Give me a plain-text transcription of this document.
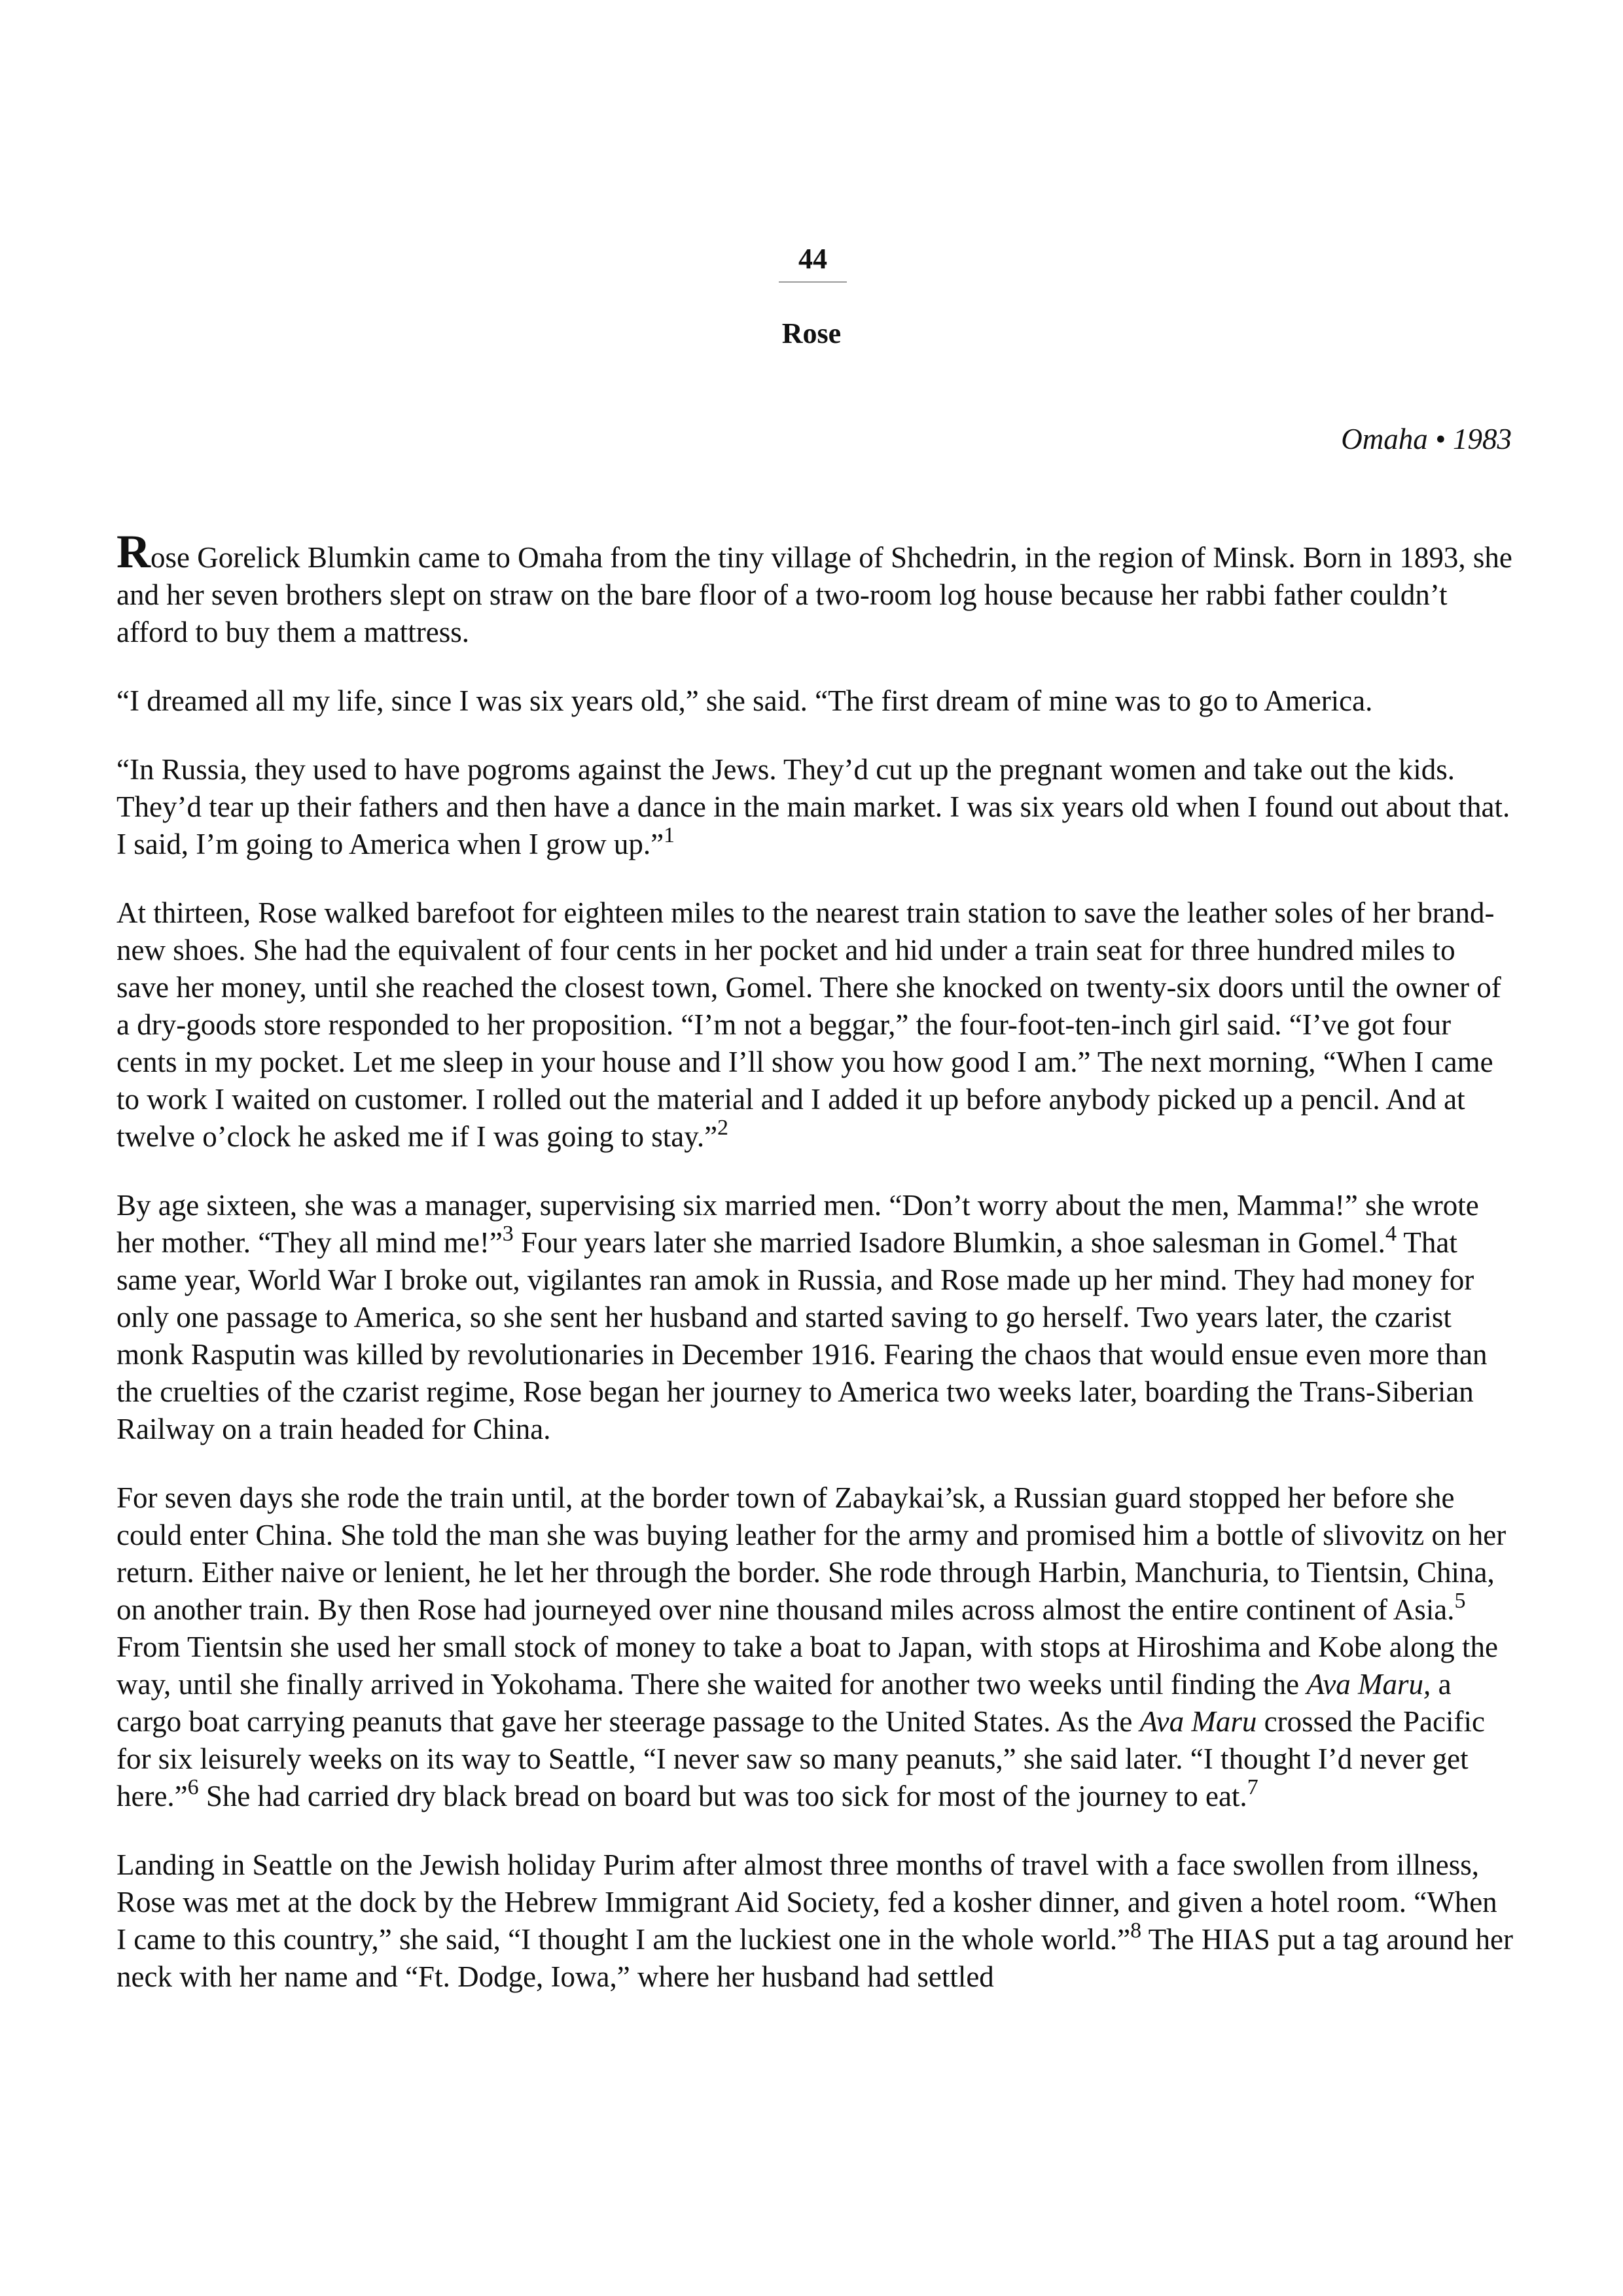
44
Rose
Omaha • 1983

Rose Gorelick Blumkin came to Omaha from the tiny village of Shchedrin, in the region of Minsk. Born in 1893, she and her seven brothers slept on straw on the bare floor of a two-room log house because her rabbi father couldn’t afford to buy them a mattress.

“I dreamed all my life, since I was six years old,” she said. “The first dream of mine was to go to America.

“In Russia, they used to have pogroms against the Jews. They’d cut up the pregnant women and take out the kids. They’d tear up their fathers and then have a dance in the main market. I was six years old when I found out about that. I said, I’m going to America when I grow up.”$^1$

At thirteen, Rose walked barefoot for eighteen miles to the nearest train station to save the leather soles of her brand-new shoes. She had the equivalent of four cents in her pocket and hid under a train seat for three hundred miles to save her money, until she reached the closest town, Gomel. There she knocked on twenty-six doors until the owner of a dry-goods store responded to her proposition. “I’m not a beggar,” the four-foot-ten-inch girl said. “I’ve got four cents in my pocket. Let me sleep in your house and I’ll show you how good I am.” The next morning, “When I came to work I waited on customer. I rolled out the material and I added it up before anybody picked up a pencil. And at twelve o’clock he asked me if I was going to stay.”$^2$

By age sixteen, she was a manager, supervising six married men. “Don’t worry about the men, Mamma!” she wrote her mother. “They all mind me!”$^3$ Four years later she married Isadore Blumkin, a shoe salesman in Gomel.$^4$ That same year, World War I broke out, vigilantes ran amok in Russia, and Rose made up her mind. They had money for only one passage to America, so she sent her husband and started saving to go herself. Two years later, the czarist monk Rasputin was killed by revolutionaries in December 1916. Fearing the chaos that would ensue even more than the cruelties of the czarist regime, Rose began her journey to America two weeks later, boarding the Trans-Siberian Railway on a train headed for China.

For seven days she rode the train until, at the border town of Zabaykai’sk, a Russian guard stopped her before she could enter China. She told the man she was buying leather for the army and promised him a bottle of slivovitz on her return. Either naive or lenient, he let her through the border. She rode through Harbin, Manchuria, to Tientsin, China, on another train. By then Rose had journeyed over nine thousand miles across almost the entire continent of Asia.$^5$ From Tientsin she used her small stock of money to take a boat to Japan, with stops at Hiroshima and Kobe along the way, until she finally arrived in Yokohama. There she waited for another two weeks until finding the Ava Maru, a cargo boat carrying peanuts that gave her steerage passage to the United States. As the Ava Maru crossed the Pacific for six leisurely weeks on its way to Seattle, “I never saw so many peanuts,” she said later. “I thought I’d never get here.”$^6$ She had carried dry black bread on board but was too sick for most of the journey to eat.$^7$

Landing in Seattle on the Jewish holiday Purim after almost three months of travel with a face swollen from illness, Rose was met at the dock by the Hebrew Immigrant Aid Society, fed a kosher dinner, and given a hotel room. “When I came to this country,” she said, “I thought I am the luckiest one in the whole world.”$^8$ The HIAS put a tag around her neck with her name and “Ft. Dodge, Iowa,” where her husband had settled
